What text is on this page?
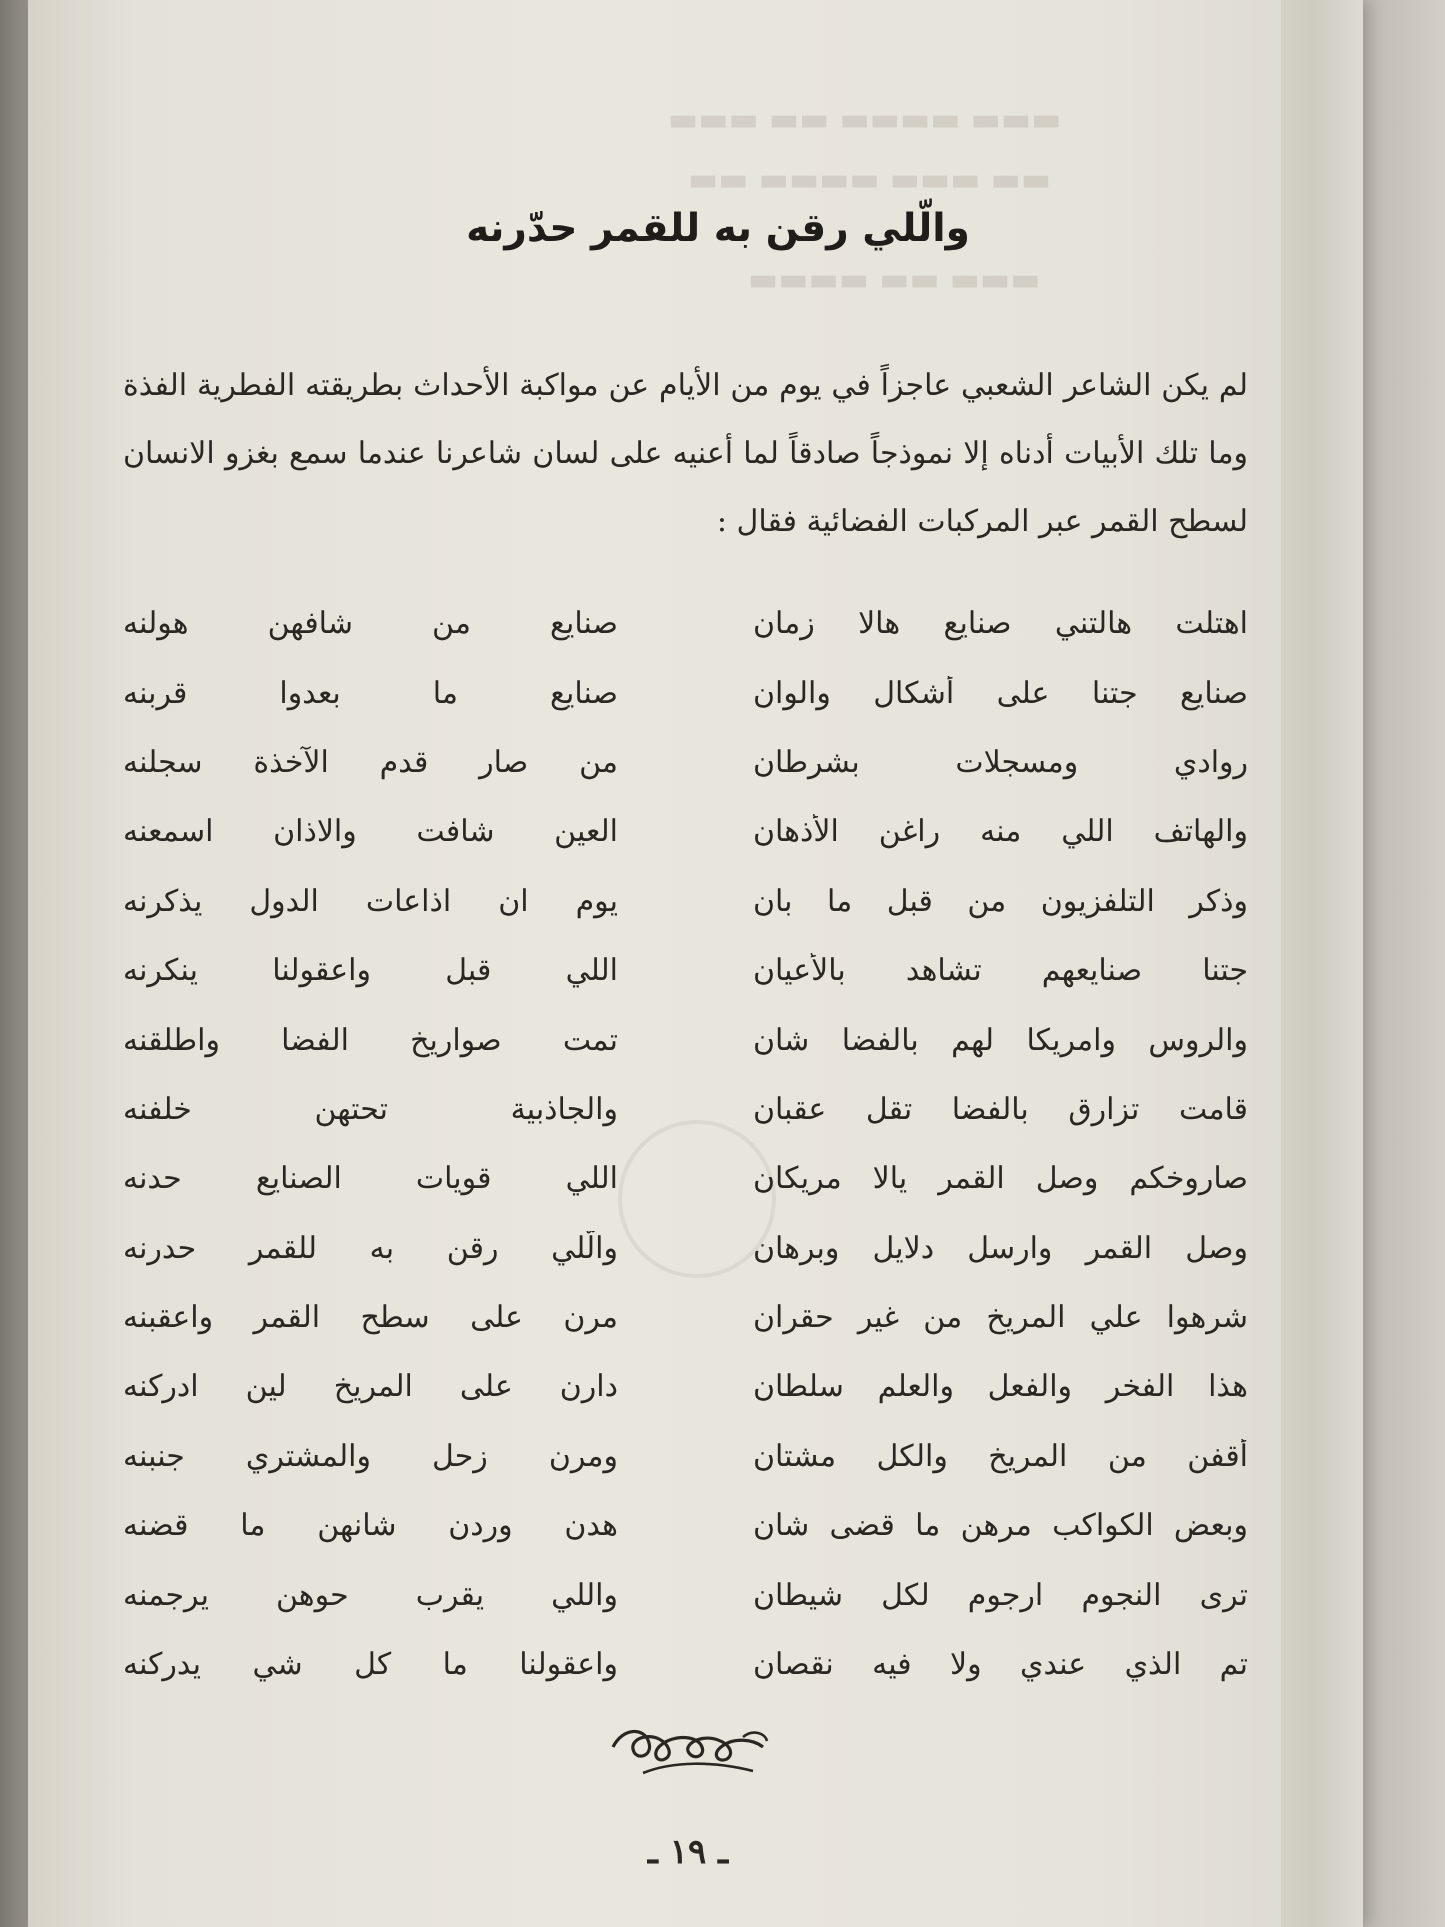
▬▬▬ ▬▬ ▬▬▬▬ ▬▬▬
▬▬ ▬▬▬▬ ▬▬▬ ▬▬
▬▬▬▬ ▬▬ ▬▬▬
والّلي رقن به للقمر حدّرنه
لم يكن الشاعر الشعبي عاجزاً في يوم من الأيام عن مواكبة الأحداث بطريقته الفطرية الفذة وما تلك الأبيات أدناه إلا نموذجاً صادقاً لما أعنيه على لسان شاعرنا عندما سمع بغزو الانسان لسطح القمر عبر المركبات الفضائية فقال :
اهتلت هالتني صنايع هالا زمان
صنايع من شافهن هولنه
صنايع جتنا على أشكال والوان
صنايع ما بعدوا قربنه
روادي ومسجلات بشرطان
من صار قدم الآخذة سجلنه
والهاتف اللي منه راغن الأذهان
العين شافت والاذان اسمعنه
وذكر التلفزيون من قبل ما بان
يوم ان اذاعات الدول يذكرنه
جتنا صنايعهم تشاهد بالأعيان
اللي قبل واعقولنا ينكرنه
والروس وامريكا لهم بالفضا شان
تمت صواريخ الفضا واطلقنه
قامت تزارق بالفضا تقل عقبان
والجاذبية تحتهن خلفنه
صاروخكم وصل القمر يالا مريكان
اللي قويات الصنايع حدنه
وصل القمر وارسل دلايل وبرهان
والّلي رقن به للقمر حدرنه
شرهوا علي المريخ من غير حقران
مرن على سطح القمر واعقبنه
هذا الفخر والفعل والعلم سلطان
دارن على المريخ لين ادركنه
أقفن من المريخ والكل مشتان
ومرن زحل والمشتري جنبنه
وبعض الكواكب مرهن ما قضى شان
هدن وردن شانهن ما قضنه
ترى النجوم ارجوم لكل شيطان
واللي يقرب حوهن يرجمنه
تم الذي عندي ولا فيه نقصان
واعقولنا ما كل شي يدركنه
ـ ١٩ ـ
